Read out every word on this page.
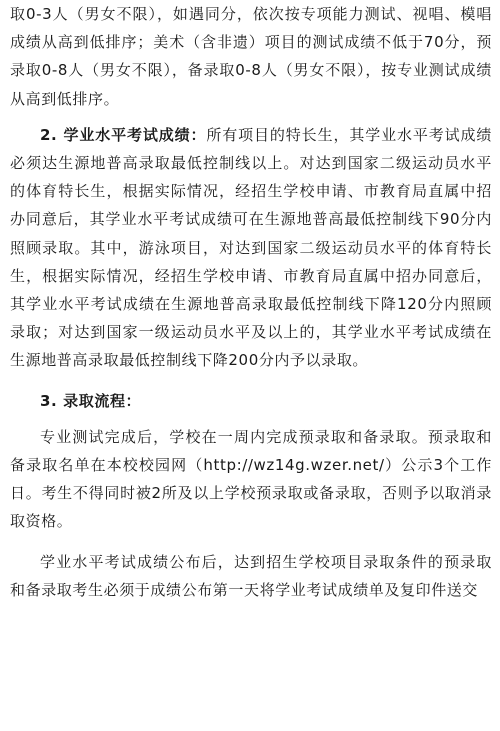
取0-3人（男女不限），如遇同分，依次按专项能力测试、视唱、模唱成绩从高到低排序；美术（含非遗）项目的测试成绩不低于70分，预录取0-8人（男女不限），备录取0-8人（男女不限），按专业测试成绩从高到低排序。

2. 学业水平考试成绩：所有项目的特长生，其学业水平考试成绩必须达生源地普高录取最低控制线以上。对达到国家二级运动员水平的体育特长生，根据实际情况，经招生学校申请、市教育局直属中招办同意后，其学业水平考试成绩可在生源地普高最低控制线下90分内照顾录取。其中，游泳项目，对达到国家二级运动员水平的体育特长生，根据实际情况，经招生学校申请、市教育局直属中招办同意后，其学业水平考试成绩在生源地普高录取最低控制线下降120分内照顾录取；对达到国家一级运动员水平及以上的，其学业水平考试成绩在生源地普高录取最低控制线下降200分内予以录取。

3. 录取流程：

专业测试完成后，学校在一周内完成预录取和备录取。预录取和备录取名单在本校校园网（http://wz14g.wzer.net/）公示3个工作日。考生不得同时被2所及以上学校预录取或备录取，否则予以取消录取资格。

学业水平考试成绩公布后，达到招生学校项目录取条件的预录取和备录取考生必须于成绩公布第一天将学业考试成绩单及复印件送交
